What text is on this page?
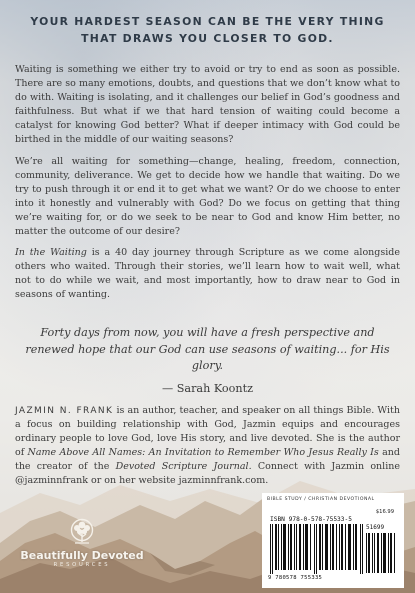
YOUR HARDEST SEASON CAN BE THE VERY THING THAT DRAWS YOU CLOSER TO GOD.

Waiting is something we either try to avoid or try to end as soon as possible. There are so many emotions, doubts, and questions that we don’t know what to do with. Waiting is isolating, and it challenges our belief in God’s goodness and faithfulness. But what if we that hard tension of waiting could become a catalyst for knowing God better? What if deeper intimacy with God could be birthed in the middle of our waiting seasons?

We’re all waiting for something—change, healing, freedom, connection, community, deliverance. We get to decide how we handle that waiting. Do we try to push through it or end it to get what we want? Or do we choose to enter into it honestly and vulnerably with God? Do we focus on getting that thing we’re waiting for, or do we seek to be near to God and know Him better, no matter the outcome of our desire?

In the Waiting is a 40 day journey through Scripture as we come alongside others who waited. Through their stories, we’ll learn how to wait well, what not to do while we wait, and most importantly, how to draw near to God in seasons of wanting.

Forty days from now, you will have a fresh perspective and renewed hope that our God can use seasons of waiting... for His glory.

— Sarah Koontz

JAZMIN N. FRANK is an author, teacher, and speaker on all things Bible. With a focus on building relationship with God, Jazmin equips and encourages ordinary people to love God, love His story, and live devoted. She is the author of Name Above All Names: An Invitation to Remember Who Jesus Really Is and the creator of the Devoted Scripture Journal. Connect with Jazmin online @jazminnfrank or on her website jazminnfrank.com.

Beautifully Devoted
RESOURCES
BIBLE STUDY / CHRISTIAN DEVOTIONAL
$16.99
ISBN 978-0-578-75533-5
51699
9 780578 755335
